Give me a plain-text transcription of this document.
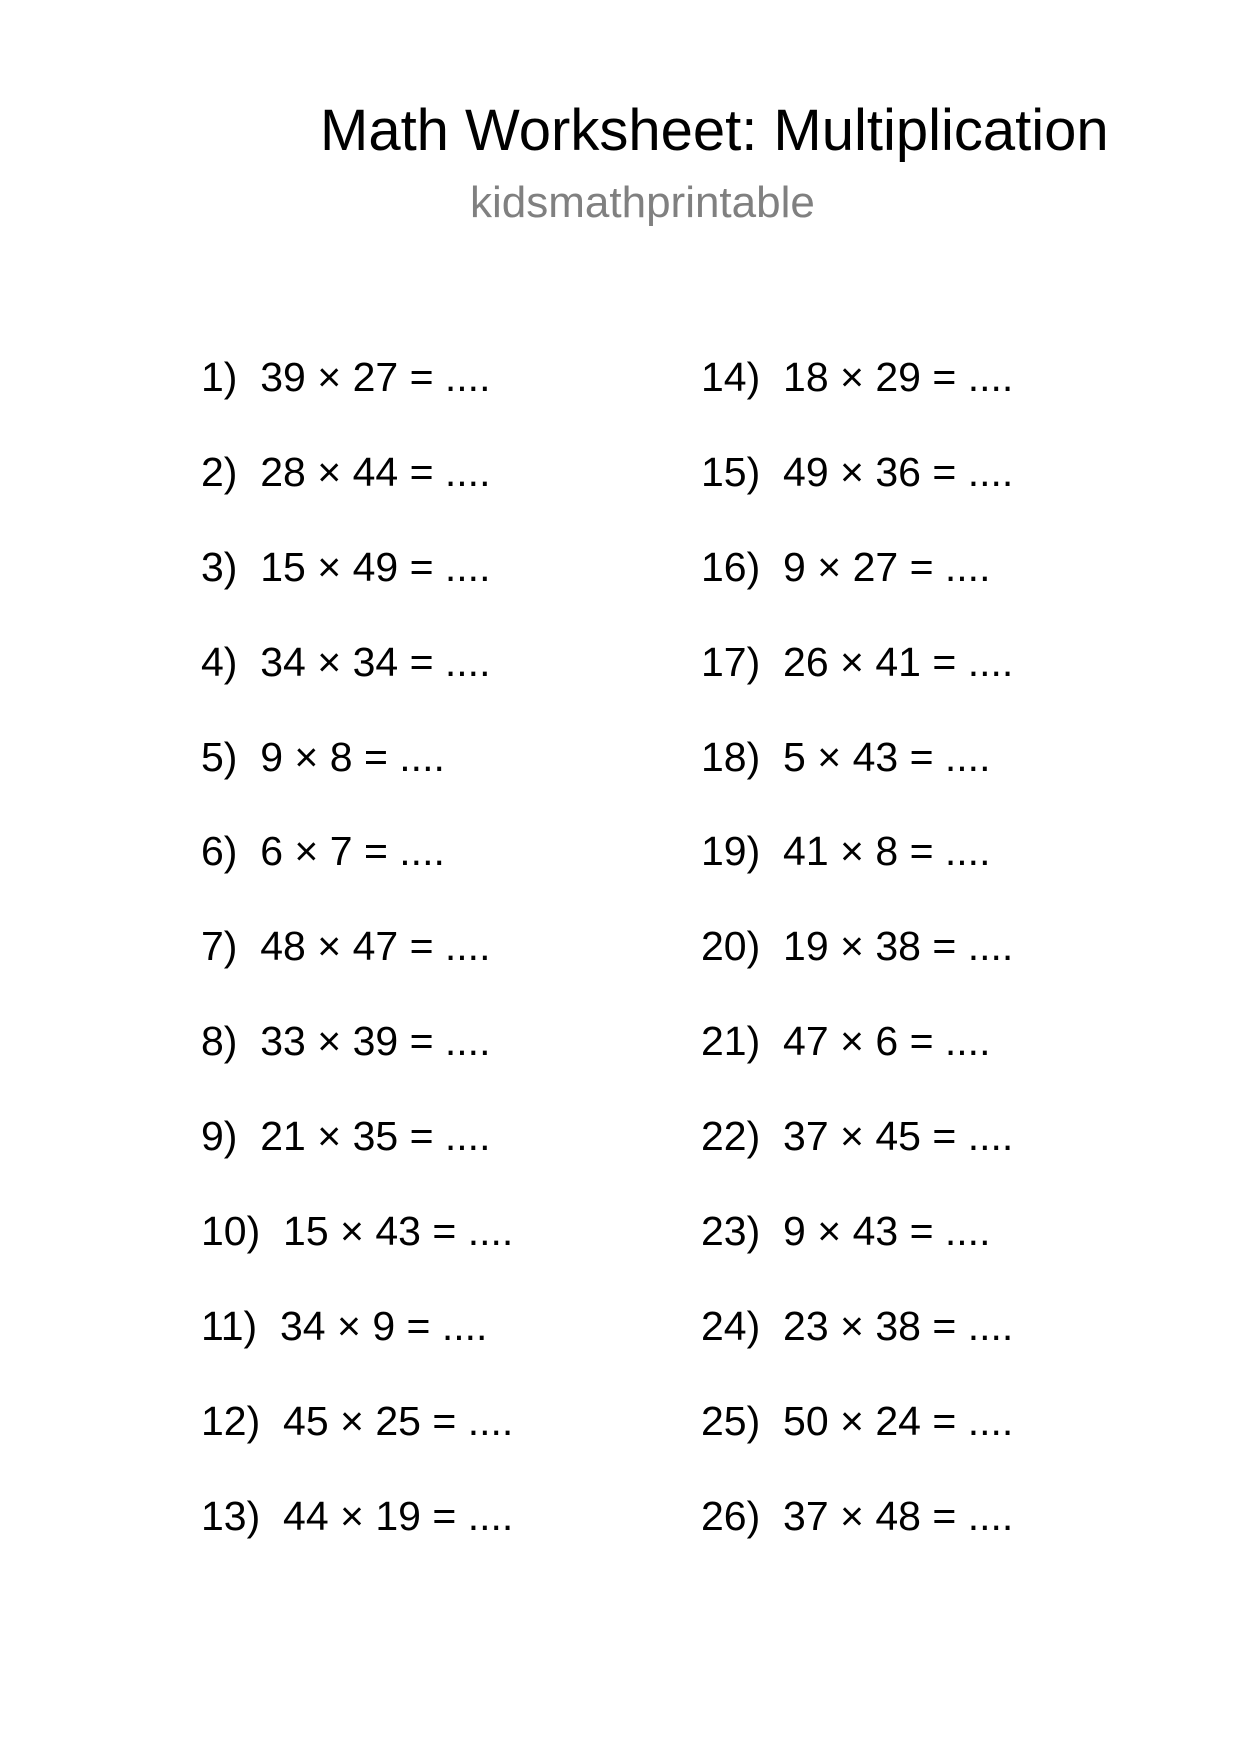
Math Worksheet: Multiplication
kidsmathprintable
1)  39 × 27 = ....
2)  28 × 44 = ....
3)  15 × 49 = ....
4)  34 × 34 = ....
5)  9 × 8 = ....
6)  6 × 7 = ....
7)  48 × 47 = ....
8)  33 × 39 = ....
9)  21 × 35 = ....
10)  15 × 43 = ....
11)  34 × 9 = ....
12)  45 × 25 = ....
13)  44 × 19 = ....
14)  18 × 29 = ....
15)  49 × 36 = ....
16)  9 × 27 = ....
17)  26 × 41 = ....
18)  5 × 43 = ....
19)  41 × 8 = ....
20)  19 × 38 = ....
21)  47 × 6 = ....
22)  37 × 45 = ....
23)  9 × 43 = ....
24)  23 × 38 = ....
25)  50 × 24 = ....
26)  37 × 48 = ....
